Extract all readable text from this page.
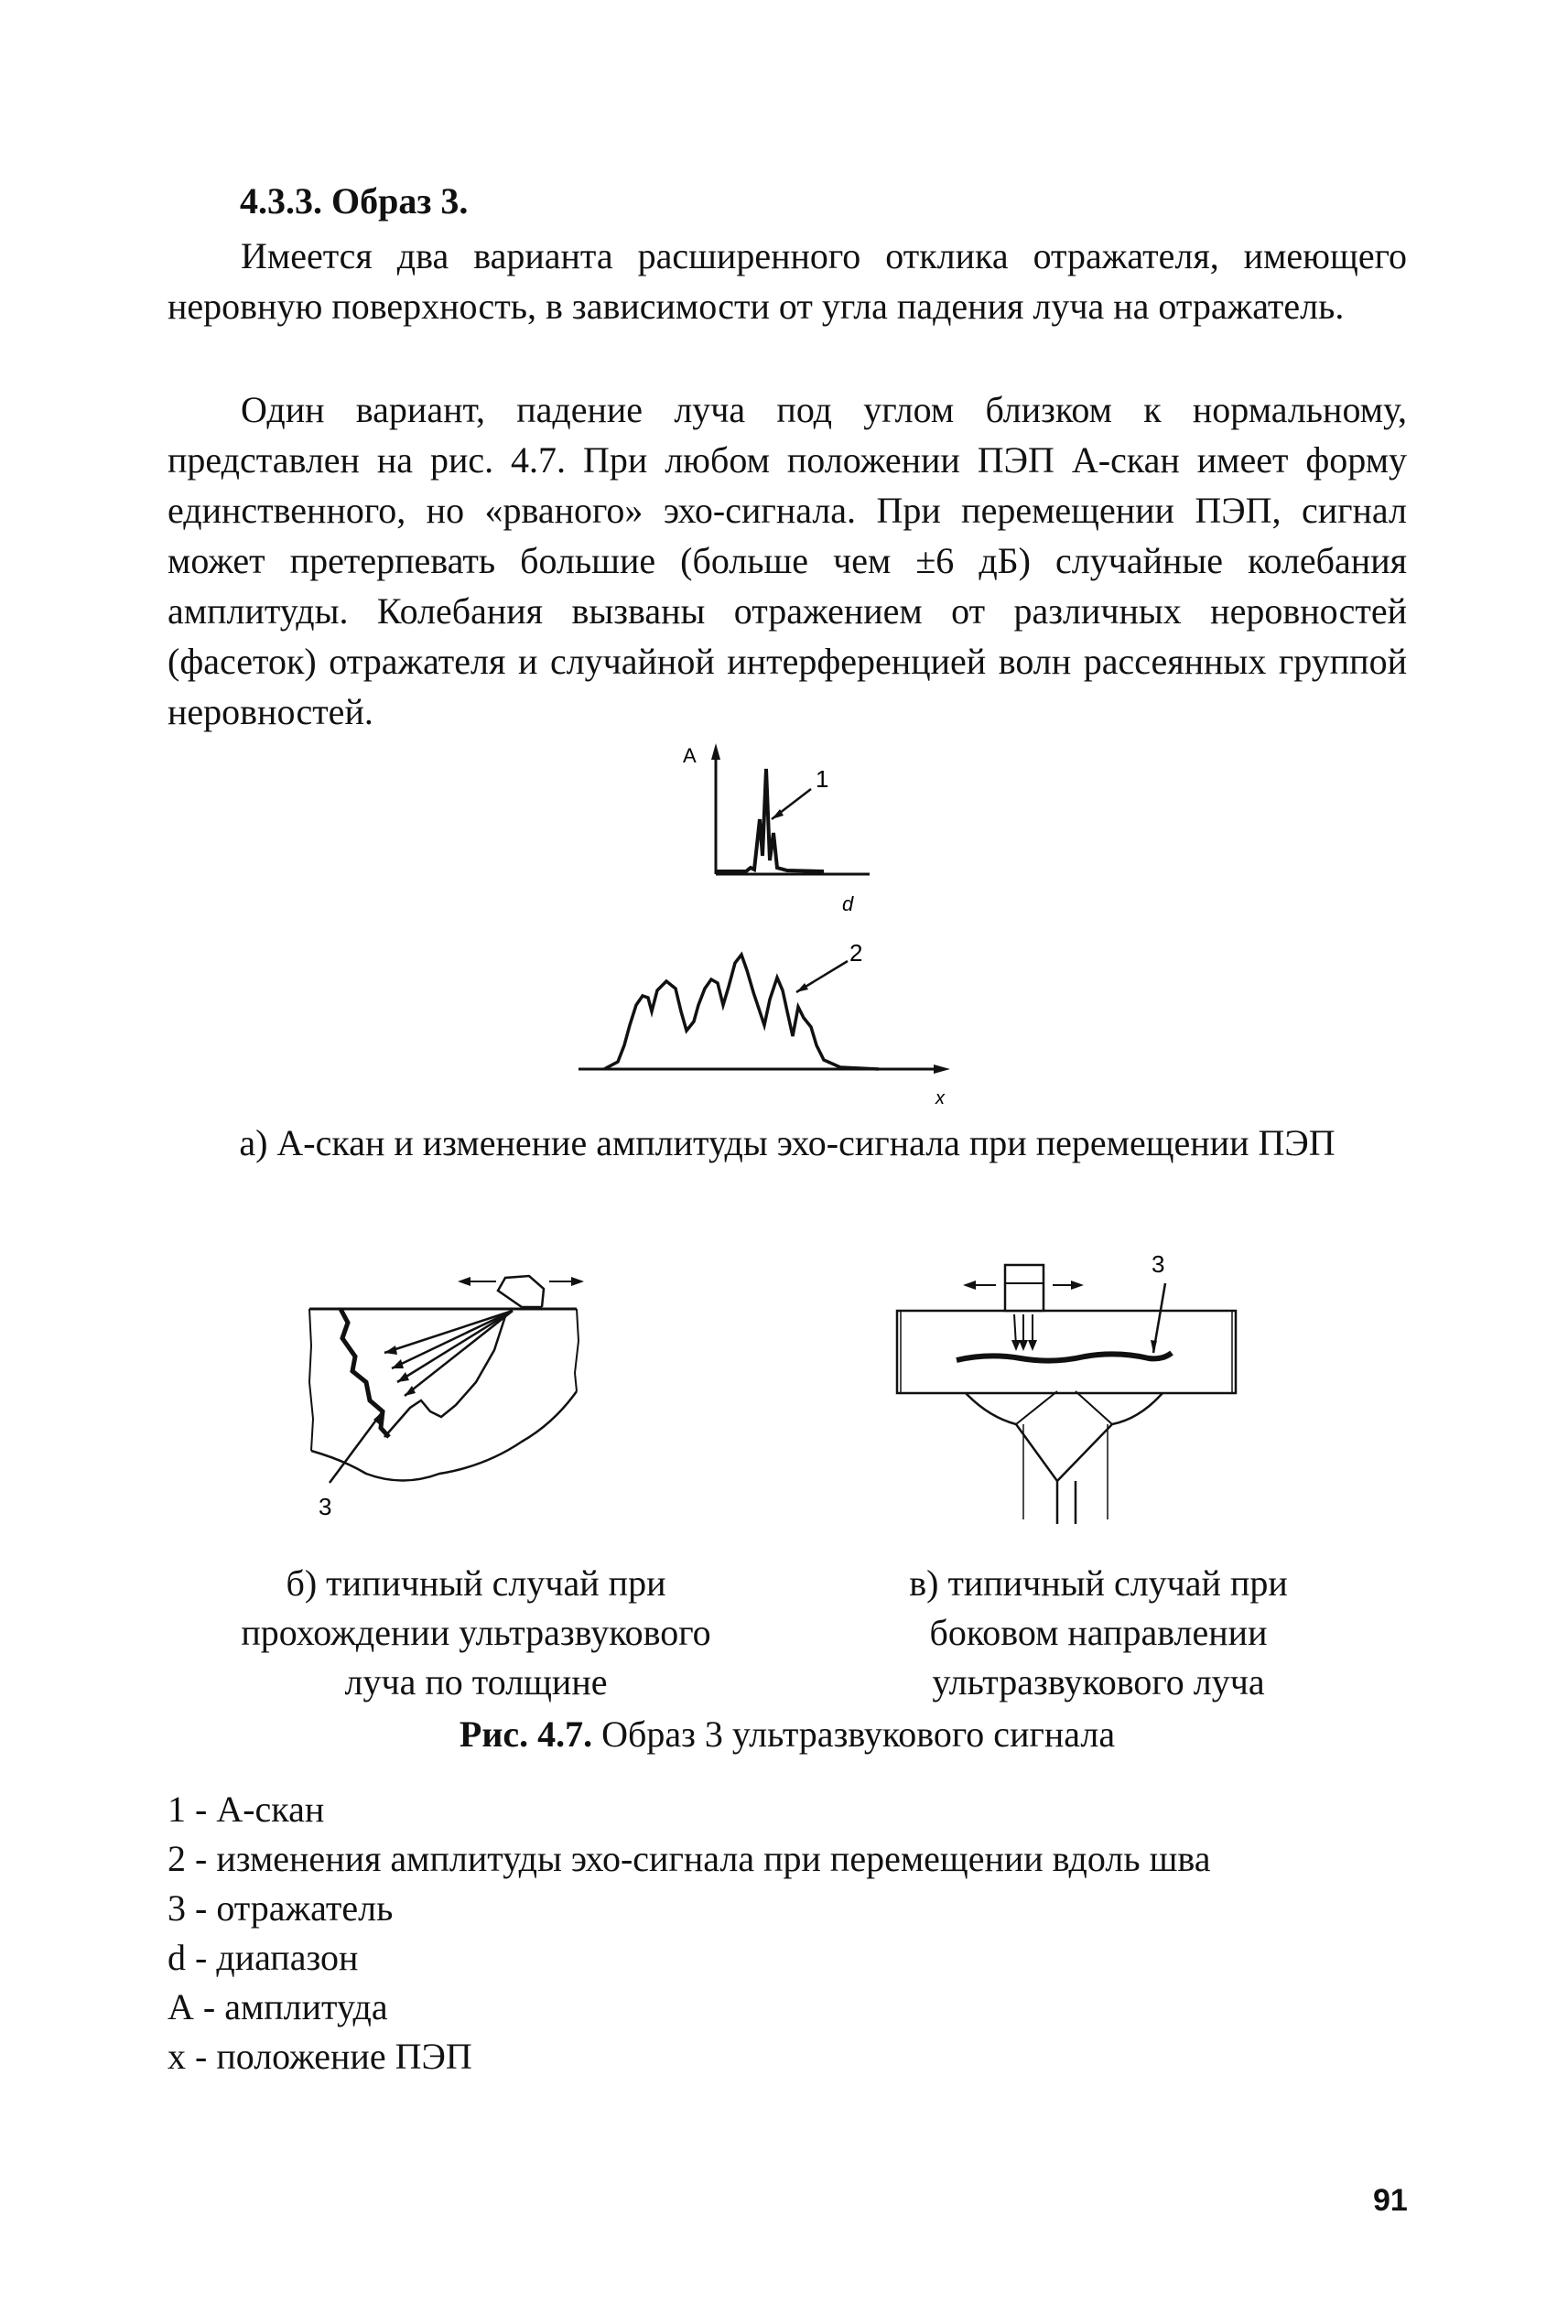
4.3.3. Образ 3.

Имеется два варианта расширенного отклика отражателя, имеющего неровную поверхность, в зависимости от угла падения луча на отражатель.

Один вариант, падение луча под углом близком к нормальному, представлен на рис. 4.7. При любом положении ПЭП А-скан имеет форму единственного, но «рваного» эхо-сигнала. При перемещении ПЭП, сигнал может претерпевать большие (больше чем ±6 дБ) случайные колебания амплитуды. Колебания вызваны отражением от различных неровностей (фасеток) отражателя и случайной интерференцией волн рассеянных группой неровностей.

A
d
1
2
x

а) А-скан и изменение амплитуды эхо-сигнала при перемещении ПЭП

3
3

б) типичный случай при
прохождении ультразвукового
луча по толщине

в) типичный случай при
боковом направлении
ультразвукового луча

Рис. 4.7. Образ 3 ультразвукового сигнала

1 - А-скан
2 - изменения амплитуды эхо-сигнала при перемещении вдоль шва
3 - отражатель
d - диапазон
А - амплитуда
x - положение ПЭП

91
